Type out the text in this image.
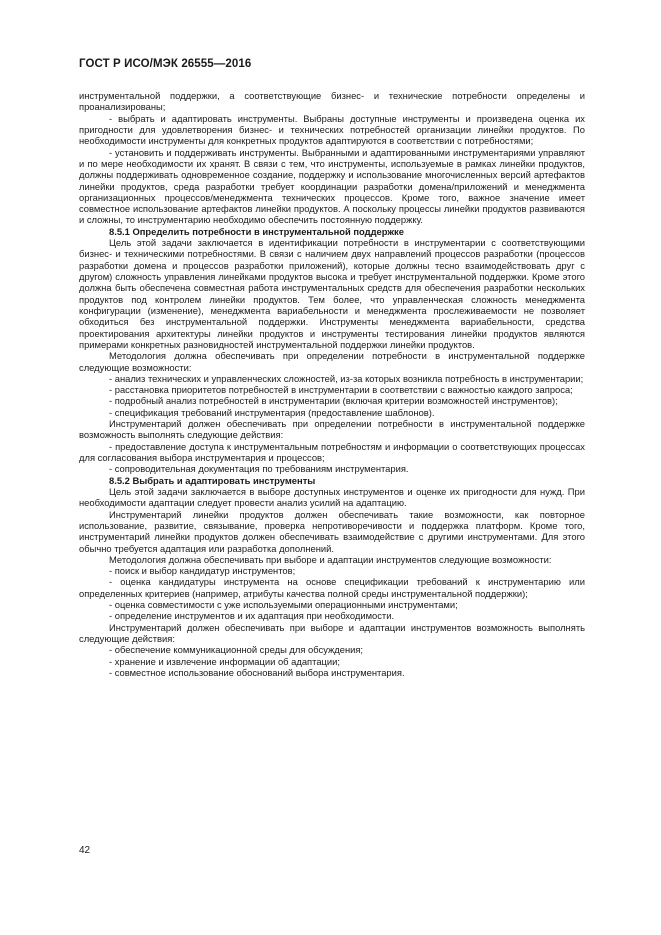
ГОСТ Р ИСО/МЭК 26555—2016

инструментальной поддержки, а соответствующие бизнес- и технические потребности определены и проанализированы;

- выбрать и адаптировать инструменты. Выбраны доступные инструменты и произведена оценка их пригодности для удовлетворения бизнес- и технических потребностей организации линейки продуктов. По необходимости инструменты для конкретных продуктов адаптируются в соответствии с потребностями;

- установить и поддерживать инструменты. Выбранными и адаптированными инструментариями управляют и по мере необходимости их хранят. В связи с тем, что инструменты, используемые в рамках линейки продуктов, должны поддерживать одновременное создание, поддержку и использование многочисленных версий артефактов линейки продуктов, среда разработки требует координации разработки домена/приложений и менеджмента организационных процессов/менеджмента технических процессов. Кроме того, важное значение имеет совместное использование артефактов линейки продуктов. А поскольку процессы линейки продуктов развиваются и сложны, то инструментарию необходимо обеспечить постоянную поддержку.

8.5.1 Определить потребности в инструментальной поддержке

Цель этой задачи заключается в идентификации потребности в инструментарии с соответствующими бизнес- и техническими потребностями. В связи с наличием двух направлений процессов разработки (процессов разработки домена и процессов разработки приложений), которые должны тесно взаимодействовать друг с другом) сложность управления линейками продуктов высока и требует инструментальной поддержки. Кроме этого должна быть обеспечена совместная работа инструментальных средств для обеспечения разработки нескольких продуктов под контролем линейки продуктов. Тем более, что управленческая сложность менеджмента конфигурации (изменение), менеджмента вариабельности и менеджмента прослеживаемости не позволяет обходиться без инструментальной поддержки. Инструменты менеджмента вариабельности, средства проектирования архитектуры линейки продуктов и инструменты тестирования линейки продуктов являются примерами конкретных разновидностей инструментальной поддержки линейки продуктов.

Методология должна обеспечивать при определении потребности в инструментальной поддержке следующие возможности:

- анализ технических и управленческих сложностей, из-за которых возникла потребность в инструментарии;

- расстановка приоритетов потребностей в инструментарии в соответствии с важностью каждого запроса;

- подробный анализ потребностей в инструментарии (включая критерии возможностей инструментов);

- спецификация требований инструментария (предоставление шаблонов).

Инструментарий должен обеспечивать при определении потребности в инструментальной поддержке возможность выполнять следующие действия:

- предоставление доступа к инструментальным потребностям и информации о соответствующих процессах для согласования выбора инструментария и процессов;

- сопроводительная документация по требованиям инструментария.

8.5.2 Выбрать и адаптировать инструменты

Цель этой задачи заключается в выборе доступных инструментов и оценке их пригодности для нужд. При необходимости адаптации следует провести анализ усилий на адаптацию.

Инструментарий линейки продуктов должен обеспечивать такие возможности, как повторное использование, развитие, связывание, проверка непротиворечивости и поддержка платформ. Кроме того, инструментарий линейки продуктов должен обеспечивать взаимодействие с другими инструментами. Для этого обычно требуется адаптация или разработка дополнений.

Методология должна обеспечивать при выборе и адаптации инструментов следующие возможности:

- поиск и выбор кандидатур инструментов;

- оценка кандидатуры инструмента на основе спецификации требований к инструментарию или определенных критериев (например, атрибуты качества полной среды инструментальной поддержки);

- оценка совместимости с уже используемыми операционными инструментами;

- определение инструментов и их адаптация при необходимости.

Инструментарий должен обеспечивать при выборе и адаптации инструментов возможность выполнять следующие действия:

- обеспечение коммуникационной среды для обсуждения;

- хранение и извлечение информации об адаптации;

- совместное использование обоснований выбора инструментария.

42
